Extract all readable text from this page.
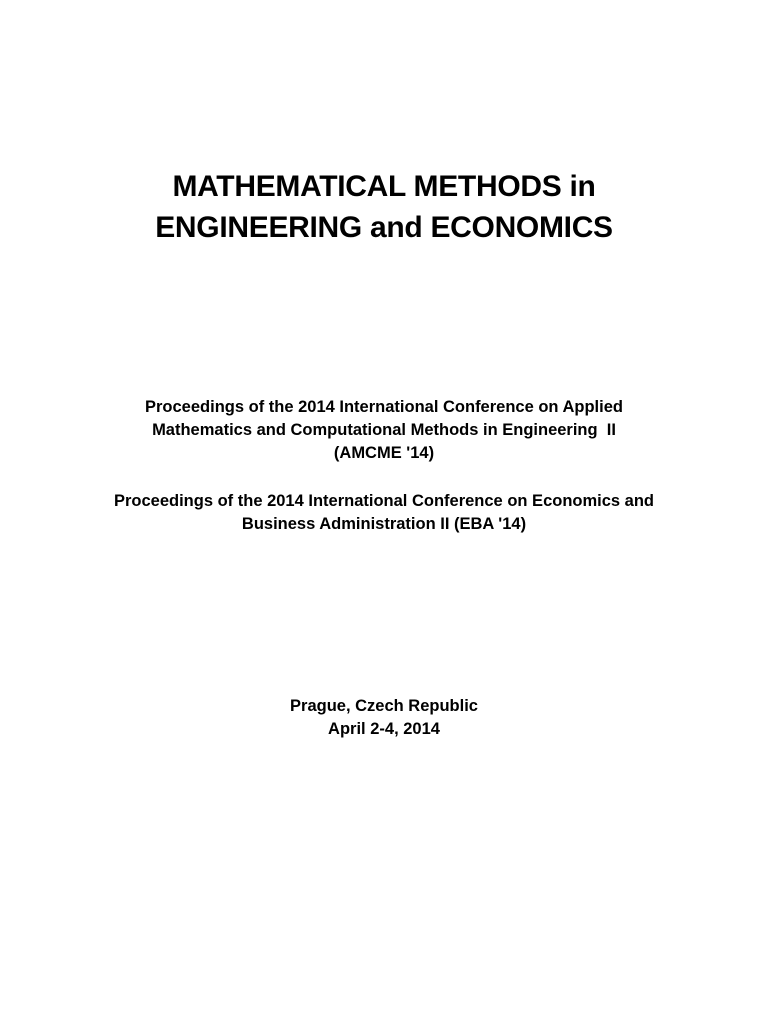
MATHEMATICAL METHODS in
ENGINEERING and ECONOMICS
Proceedings of the 2014 International Conference on Applied
Mathematics and Computational Methods in Engineering  II
(AMCME '14)
Proceedings of the 2014 International Conference on Economics and
Business Administration II (EBA '14)
Prague, Czech Republic
April 2-4, 2014
